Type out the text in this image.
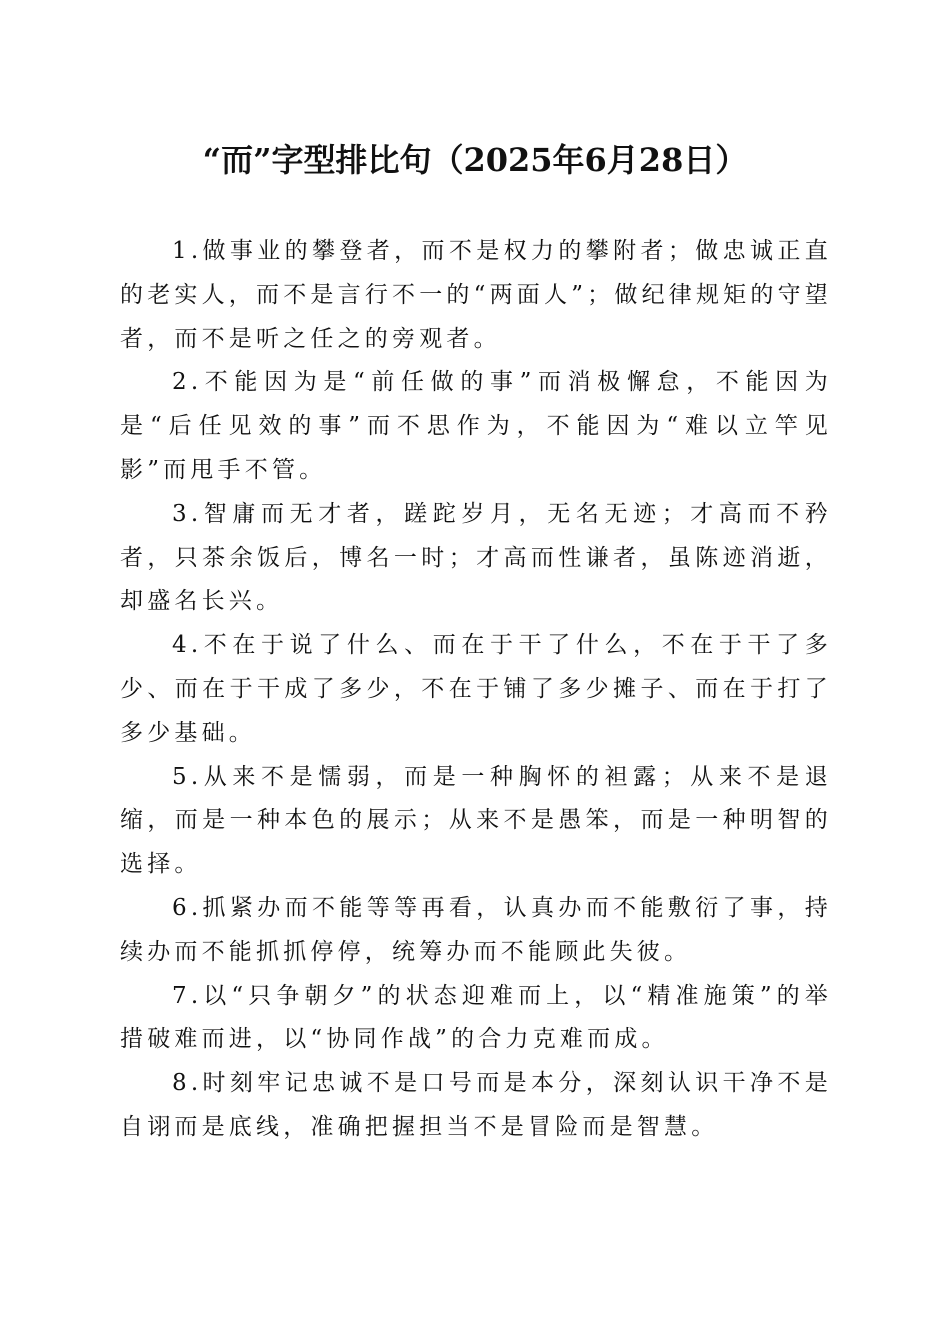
“而”字型排比句（2025年6月28日）

1.做事业的攀登者，而不是权力的攀附者；做忠诚正直的老实人，而不是言行不一的“两面人”；做纪律规矩的守望者，而不是听之任之的旁观者。

2.不能因为是“前任做的事”而消极懈怠，不能因为是“后任见效的事”而不思作为，不能因为“难以立竿见影”而甩手不管。

3.智庸而无才者，蹉跎岁月，无名无迹；才高而不矜者，只茶余饭后，博名一时；才高而性谦者，虽陈迹消逝，却盛名长兴。

4.不在于说了什么、而在于干了什么，不在于干了多少、而在于干成了多少，不在于铺了多少摊子、而在于打了多少基础。

5.从来不是懦弱，而是一种胸怀的袒露；从来不是退缩，而是一种本色的展示；从来不是愚笨，而是一种明智的选择。

6.抓紧办而不能等等再看，认真办而不能敷衍了事，持续办而不能抓抓停停，统筹办而不能顾此失彼。

7.以“只争朝夕”的状态迎难而上，以“精准施策”的举措破难而进，以“协同作战”的合力克难而成。

8.时刻牢记忠诚不是口号而是本分，深刻认识干净不是自诩而是底线，准确把握担当不是冒险而是智慧。
